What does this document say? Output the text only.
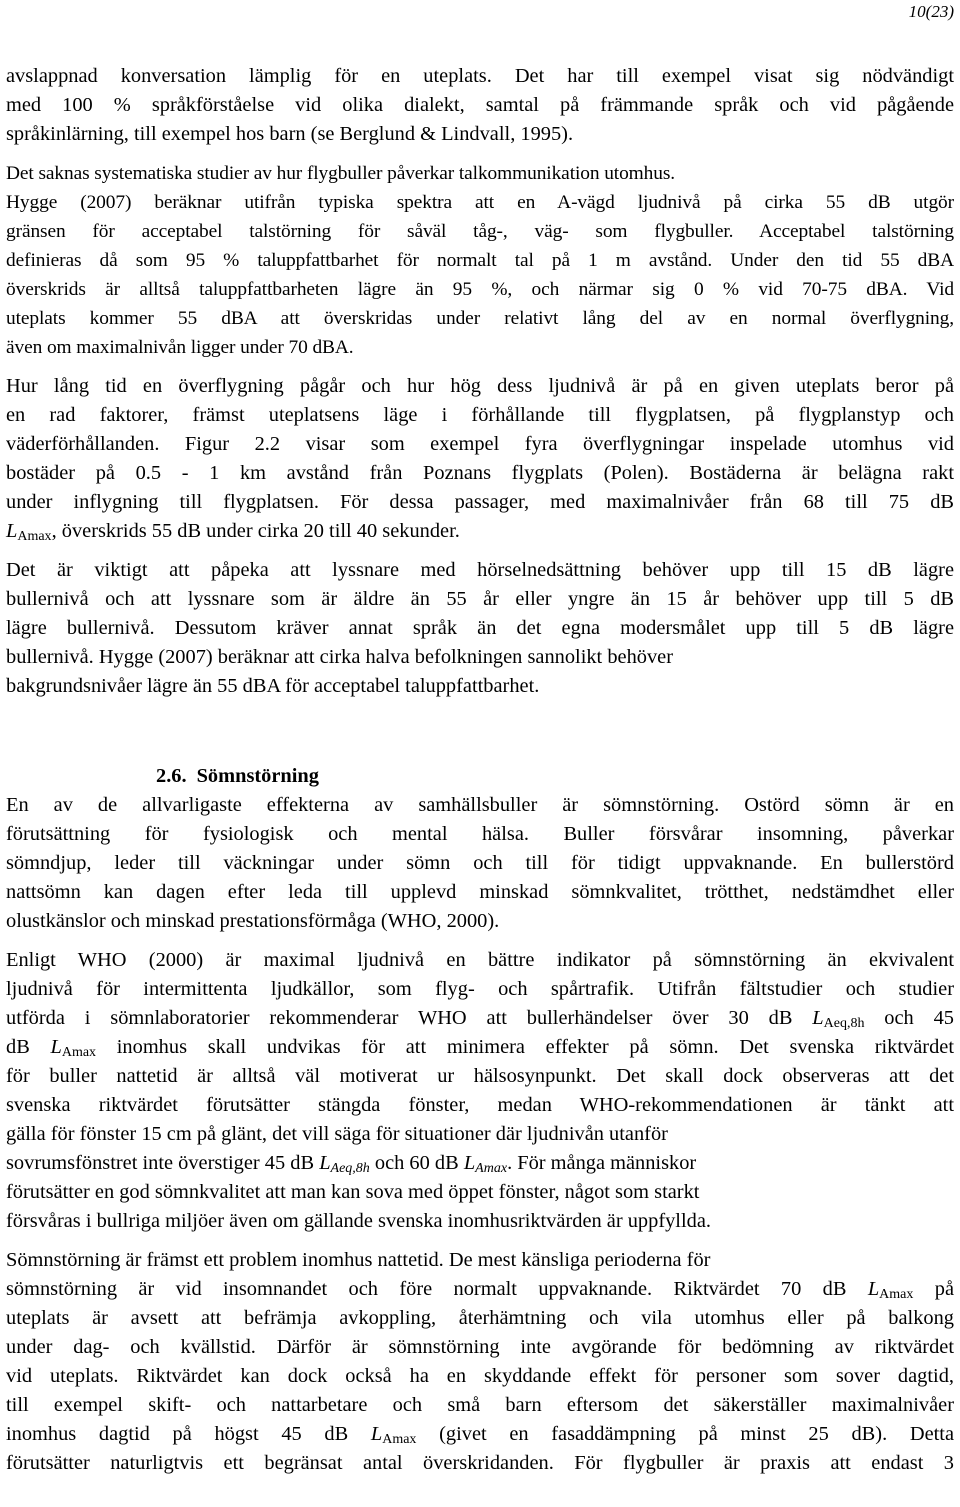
10(23)
avslappnad konversation lämplig för en uteplats. Det har till exempel visat sig nödvändigt
med 100 % språkförståelse vid olika dialekt, samtal på främmande språk och vid pågående
språkinlärning, till exempel hos barn (se Berglund & Lindvall, 1995).
Det saknas systematiska studier av hur flygbuller påverkar talkommunikation utomhus.
Hygge (2007) beräknar utifrån typiska spektra att en A-vägd ljudnivå på cirka 55 dB utgör
gränsen för acceptabel talstörning för såväl tåg-, väg- som flygbuller. Acceptabel talstörning
definieras då som 95 % taluppfattbarhet för normalt tal på 1 m avstånd. Under den tid 55 dBA
överskrids är alltså taluppfattbarheten lägre än 95 %, och närmar sig 0 % vid 70-75 dBA. Vid
uteplats kommer 55 dBA att överskridas under relativt lång del av en normal överflygning,
även om maximalnivån ligger under 70 dBA.
Hur lång tid en överflygning pågår och hur hög dess ljudnivå är på en given uteplats beror på
en rad faktorer, främst uteplatsens läge i förhållande till flygplatsen, på flygplanstyp och
väderförhållanden. Figur 2.2 visar som exempel fyra överflygningar inspelade utomhus vid
bostäder på 0.5 - 1 km avstånd från Poznans flygplats (Polen). Bostäderna är belägna rakt
under inflygning till flygplatsen. För dessa passager, med maximalnivåer från 68 till 75 dB
$L_{Amax}$, överskrids 55 dB under cirka 20 till 40 sekunder.
Det är viktigt att påpeka att lyssnare med hörselnedsättning behöver upp till 15 dB lägre
bullernivå och att lyssnare som är äldre än 55 år eller yngre än 15 år behöver upp till 5 dB
lägre bullernivå. Dessutom kräver annat språk än det egna modersmålet upp till 5 dB lägre
bullernivå. Hygge (2007) beräknar att cirka halva befolkningen sannolikt behöver
bakgrundsnivåer lägre än 55 dBA för acceptabel taluppfattbarhet.
2.6. Sömnstörning
En av de allvarligaste effekterna av samhällsbuller är sömnstörning. Ostörd sömn är en
förutsättning för fysiologisk och mental hälsa. Buller försvårar insomning, påverkar
sömndjup, leder till väckningar under sömn och till för tidigt uppvaknande. En bullerstörd
nattsömn kan dagen efter leda till upplevd minskad sömnkvalitet, trötthet, nedstämdhet eller
olustkänslor och minskad prestationsförmåga (WHO, 2000).
Enligt WHO (2000) är maximal ljudnivå en bättre indikator på sömnstörning än ekvivalent
ljudnivå för intermittenta ljudkällor, som flyg- och spårtrafik. Utifrån fältstudier och studier
utförda i sömnlaboratorier rekommenderar WHO att bullerhändelser över 30 dB $L_{Aeq,8h}$ och 45
dB $L_{Amax}$ inomhus skall undvikas för att minimera effekter på sömn. Det svenska riktvärdet
för buller nattetid är alltså väl motiverat ur hälsosynpunkt. Det skall dock observeras att det
svenska riktvärdet förutsätter stängda fönster, medan WHO-rekommendationen är tänkt att
gälla för fönster 15 cm på glänt, det vill säga för situationer där ljudnivån utanför
sovrumsfönstret inte överstiger 45 dB $L_{Aeq,8h}$ och 60 dB $L_{Amax}$. För många människor
förutsätter en god sömnkvalitet att man kan sova med öppet fönster, något som starkt
försvåras i bullriga miljöer även om gällande svenska inomhusriktvärden är uppfyllda.
Sömnstörning är främst ett problem inomhus nattetid. De mest känsliga perioderna för
sömnstörning är vid insomnandet och före normalt uppvaknande. Riktvärdet 70 dB $L_{Amax}$ på
uteplats är avsett att befrämja avkoppling, återhämtning och vila utomhus eller på balkong
under dag- och kvällstid. Därför är sömnstörning inte avgörande för bedömning av riktvärdet
vid uteplats. Riktvärdet kan dock också ha en skyddande effekt för personer som sover dagtid,
till exempel skift- och nattarbetare och små barn eftersom det säkerställer maximalnivåer
inomhus dagtid på högst 45 dB $L_{Amax}$ (givet en fasaddämpning på minst 25 dB). Detta
förutsätter naturligtvis ett begränsat antal överskridanden. För flygbuller är praxis att endast 3
